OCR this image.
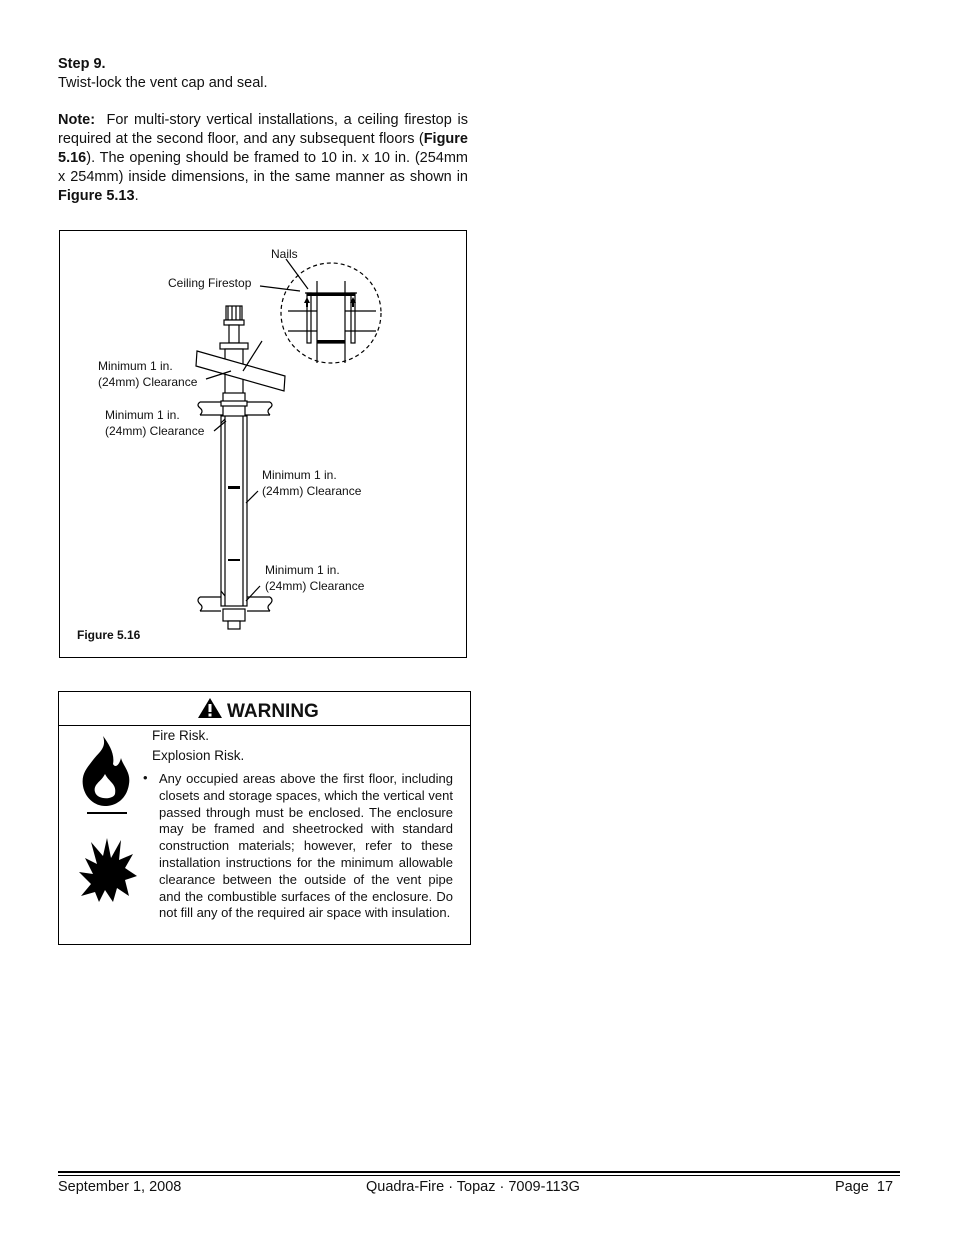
Step 9.
Twist-lock the vent cap and seal.
Note: For multi-story vertical installations, a ceiling firestop is required at the second floor, and any subsequent floors (Figure 5.16). The opening should be framed to 10 in. x 10 in. (254mm x 254mm) inside dimensions, in the same manner as shown in Figure 5.13.
Nails
Ceiling Firestop
Minimum 1 in.
(24mm) Clearance
Minimum 1 in.
(24mm) Clearance
Minimum 1 in.
(24mm) Clearance
Minimum 1 in.
(24mm) Clearance
Figure 5.16
WARNING
Fire Risk.
Explosion Risk.
• Any occupied areas above the first floor, including closets and storage spaces, which the vertical vent passed through must be enclosed. The enclosure may be framed and sheetrocked with standard construction materials; however, refer to these installation instructions for the minimum allowable clearance between the outside of the vent pipe and the combustible surfaces of the enclosure. Do not fill any of the required air space with insulation.
September 1, 2008	Quadra-Fire · Topaz · 7009-113G	Page  17
